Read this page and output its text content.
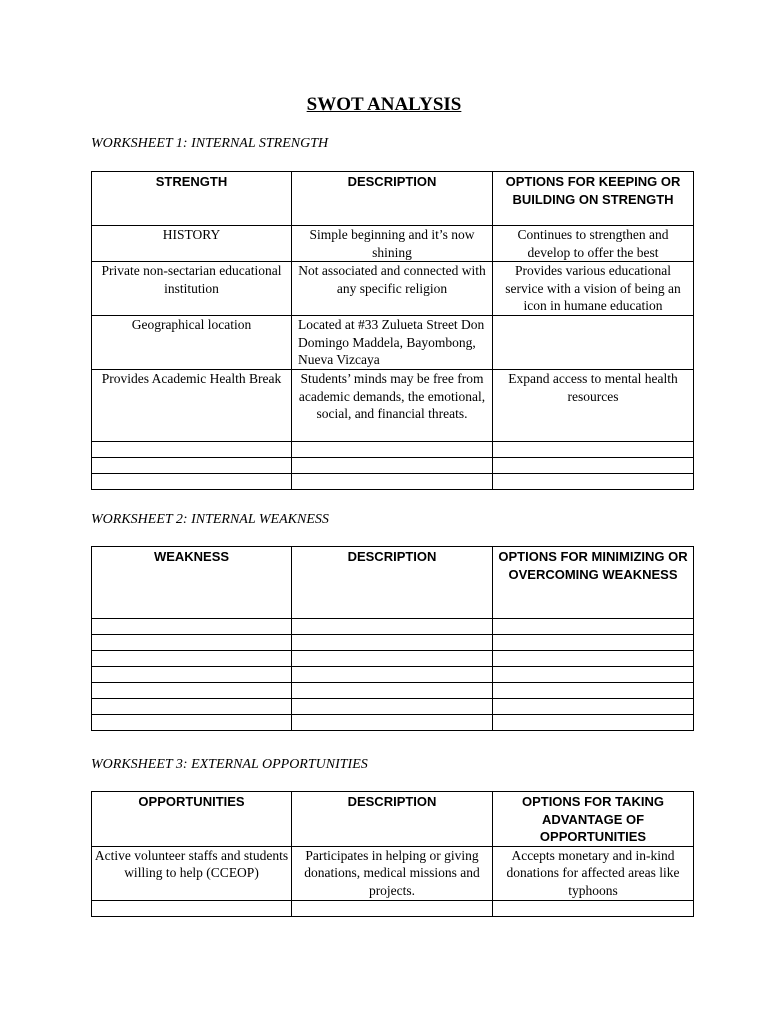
SWOT ANALYSIS
WORKSHEET 1: INTERNAL STRENGTH
STRENGTH	DESCRIPTION	OPTIONS FOR KEEPING OR BUILDING ON STRENGTH
HISTORY	Simple beginning and it’s now shining	Continues to strengthen and develop to offer the best
Private non-sectarian educational institution	Not associated and connected with any specific religion	Provides various educational service with a vision of being an icon in humane education
Geographical location	Located at #33 Zulueta Street Don Domingo Maddela, Bayombong, Nueva Vizcaya	
Provides Academic Health Break	Students’ minds may be free from academic demands, the emotional, social, and financial threats.	Expand access to mental health resources

WORKSHEET 2: INTERNAL WEAKNESS
WEAKNESS	DESCRIPTION	OPTIONS FOR MINIMIZING OR OVERCOMING WEAKNESS

WORKSHEET 3: EXTERNAL OPPORTUNITIES
OPPORTUNITIES	DESCRIPTION	OPTIONS FOR TAKING ADVANTAGE OF OPPORTUNITIES
Active volunteer staffs and students willing to help (CCEOP)	Participates in helping or giving donations, medical missions and projects.	Accepts monetary and in-kind donations for affected areas like typhoons
